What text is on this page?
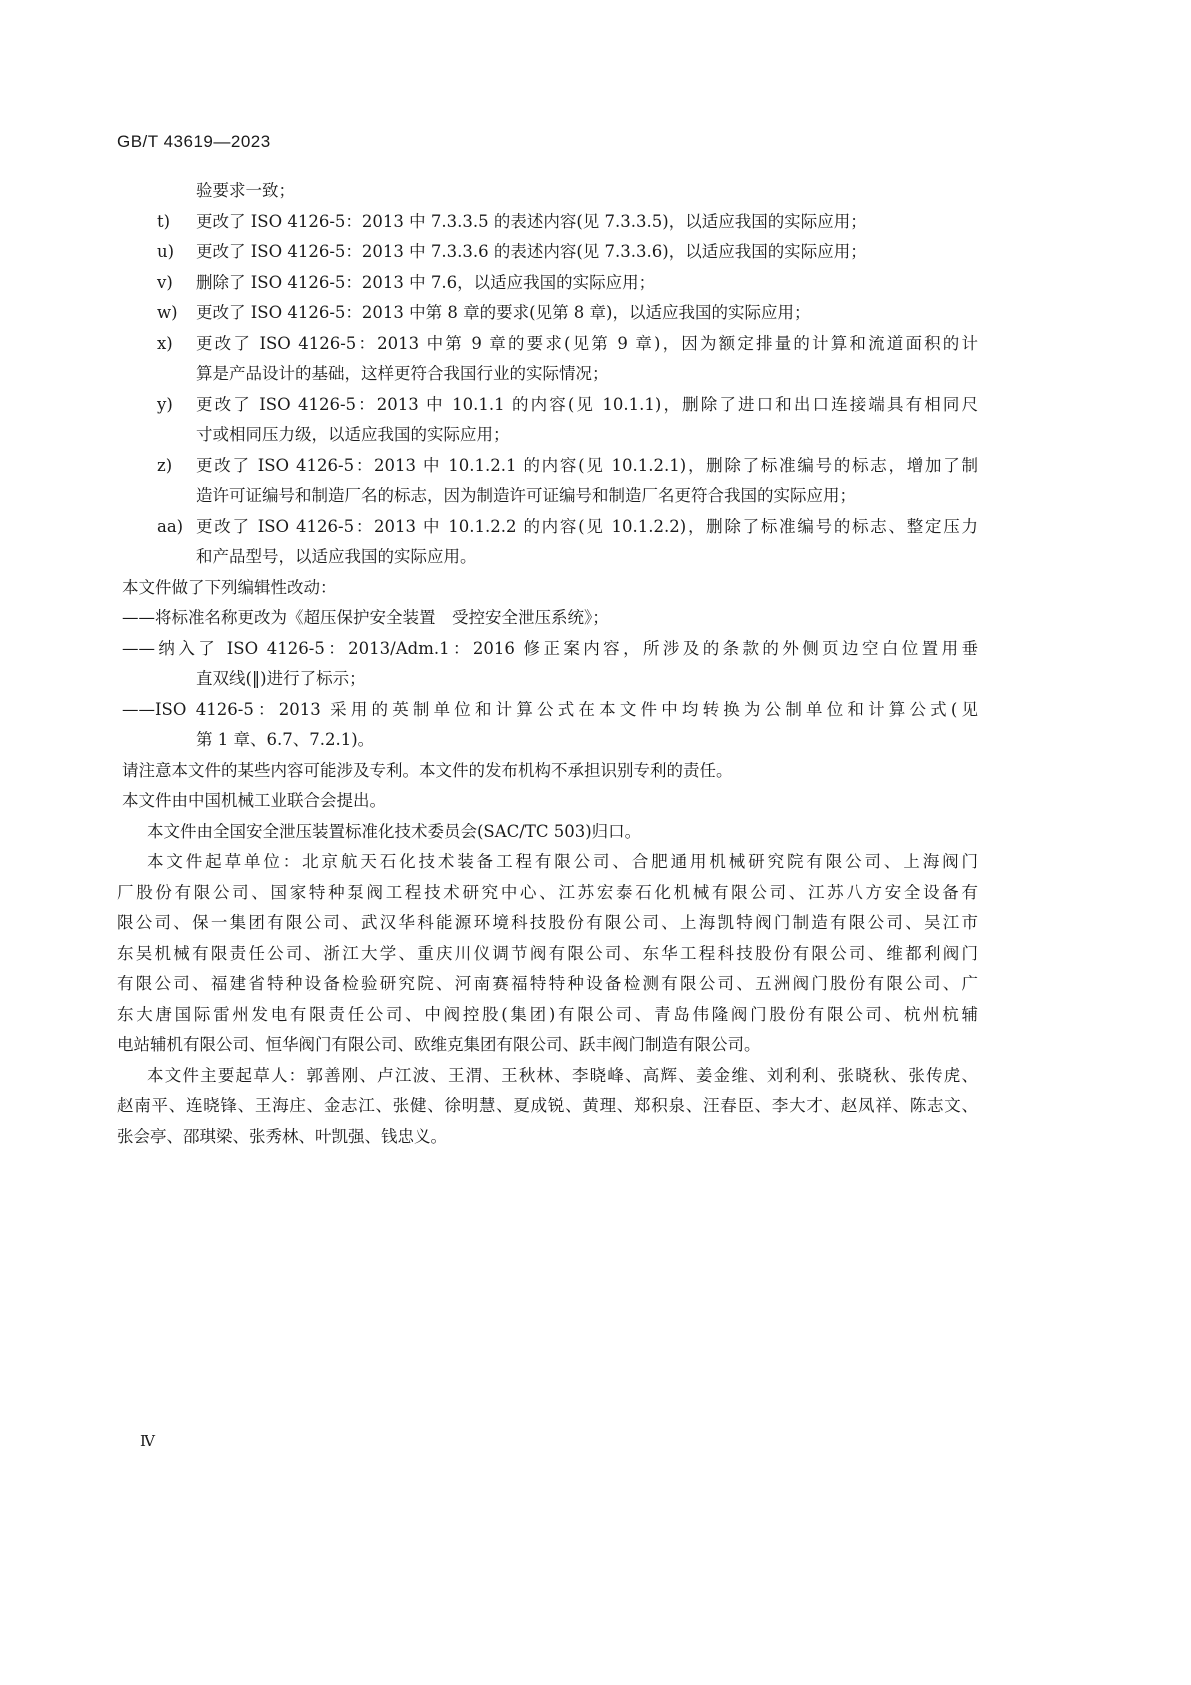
GB/T 43619—2023
验要求一致；
t) 更改了 ISO 4126-5：2013 中 7.3.3.5 的表述内容(见 7.3.3.5)，以适应我国的实际应用；
u) 更改了 ISO 4126-5：2013 中 7.3.3.6 的表述内容(见 7.3.3.6)，以适应我国的实际应用；
v) 删除了 ISO 4126-5：2013 中 7.6，以适应我国的实际应用；
w) 更改了 ISO 4126-5：2013 中第 8 章的要求(见第 8 章)，以适应我国的实际应用；
x) 更改了 ISO 4126-5：2013 中第 9 章的要求(见第 9 章)，因为额定排量的计算和流道面积的计
算是产品设计的基础，这样更符合我国行业的实际情况；
y) 更改了 ISO 4126-5：2013 中 10.1.1 的内容(见 10.1.1)，删除了进口和出口连接端具有相同尺
寸或相同压力级，以适应我国的实际应用；
z) 更改了 ISO 4126-5：2013 中 10.1.2.1 的内容(见 10.1.2.1)，删除了标准编号的标志，增加了制
造许可证编号和制造厂名的标志，因为制造许可证编号和制造厂名更符合我国的实际应用；
aa) 更改了 ISO 4126-5：2013 中 10.1.2.2 的内容(见 10.1.2.2)，删除了标准编号的标志、整定压力
和产品型号，以适应我国的实际应用。
本文件做了下列编辑性改动：
——将标准名称更改为《超压保护安全装置　受控安全泄压系统》；
——纳入了 ISO 4126-5：2013/Adm.1：2016 修正案内容，所涉及的条款的外侧页边空白位置用垂
直双线(‖)进行了标示；
——ISO 4126-5：2013 采用的英制单位和计算公式在本文件中均转换为公制单位和计算公式(见
第 1 章、6.7、7.2.1)。
请注意本文件的某些内容可能涉及专利。本文件的发布机构不承担识别专利的责任。
本文件由中国机械工业联合会提出。
本文件由全国安全泄压装置标准化技术委员会(SAC/TC 503)归口。
本文件起草单位：北京航天石化技术装备工程有限公司、合肥通用机械研究院有限公司、上海阀门
厂股份有限公司、国家特种泵阀工程技术研究中心、江苏宏泰石化机械有限公司、江苏八方安全设备有
限公司、保一集团有限公司、武汉华科能源环境科技股份有限公司、上海凯特阀门制造有限公司、吴江市
东吴机械有限责任公司、浙江大学、重庆川仪调节阀有限公司、东华工程科技股份有限公司、维都利阀门
有限公司、福建省特种设备检验研究院、河南赛福特特种设备检测有限公司、五洲阀门股份有限公司、广
东大唐国际雷州发电有限责任公司、中阀控股(集团)有限公司、青岛伟隆阀门股份有限公司、杭州杭辅
电站辅机有限公司、恒华阀门有限公司、欧维克集团有限公司、跃丰阀门制造有限公司。
本文件主要起草人：郭善刚、卢江波、王渭、王秋林、李晓峰、高辉、姜金维、刘利利、张晓秋、张传虎、
赵南平、连晓锋、王海庄、金志江、张健、徐明慧、夏成锐、黄理、郑积泉、汪春臣、李大才、赵凤祥、陈志文、
张会亭、邵琪梁、张秀林、叶凯强、钱忠义。
Ⅳ
